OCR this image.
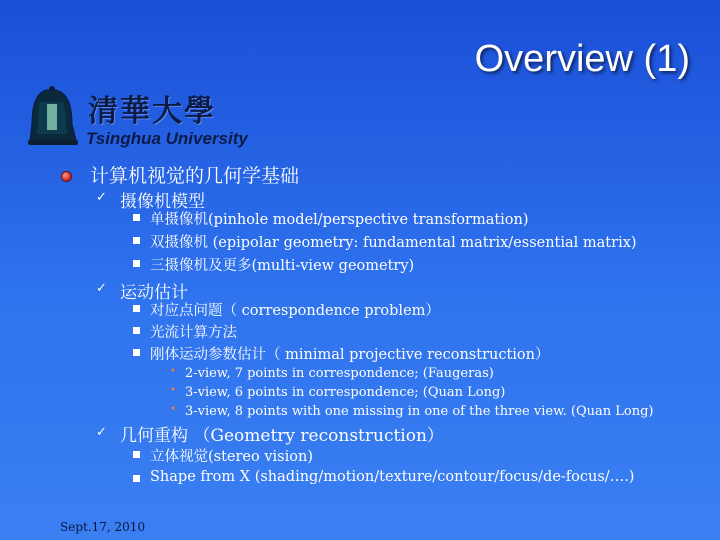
Overview (1)
清華大學
Tsinghua University
计算机视觉的几何学基础
✓ 摄像机模型
单摄像机(pinhole model/perspective transformation)
双摄像机 (epipolar geometry: fundamental matrix/essential matrix)
三摄像机及更多(multi-view geometry)
✓ 运动估计
对应点问题（ correspondence problem）
光流计算方法
刚体运动参数估计（ minimal projective reconstruction）
• 2-view, 7 points in correspondence; (Faugeras)
• 3-view, 6 points in correspondence; (Quan Long)
• 3-view, 8 points with one missing in one of the three view. (Quan Long)
✓ 几何重构 （Geometry reconstruction）
立体视觉(stereo vision)
Shape from X (shading/motion/texture/contour/focus/de-focus/….)
Sept.17, 2010
